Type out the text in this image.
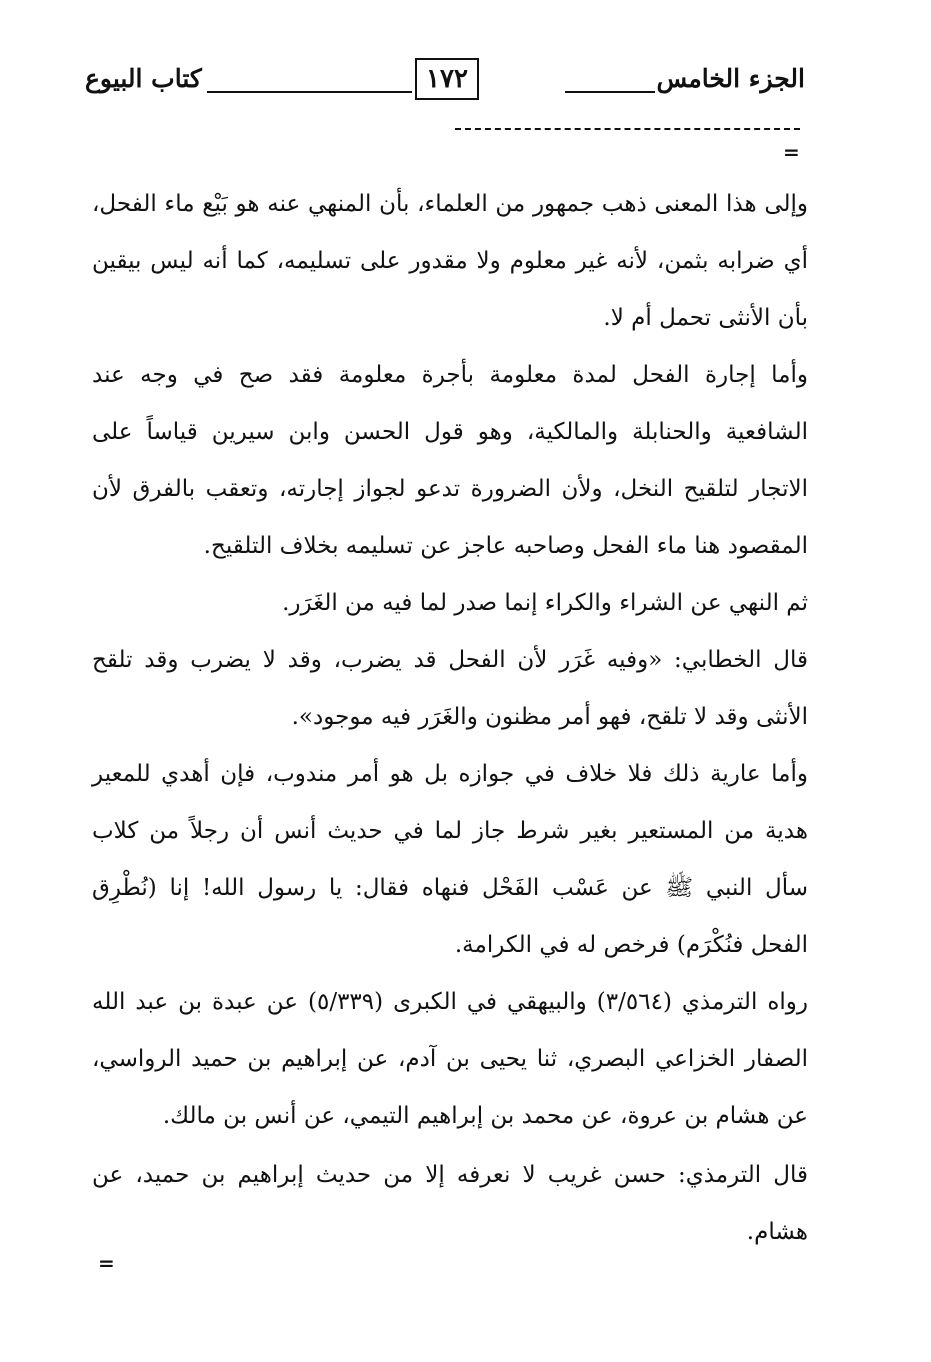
الجزء الخامس
١٧٢
كتاب البيوع
=

وإلى هذا المعنى ذهب جمهور من العلماء، بأن المنهي عنه هو بَيْع ماء الفحل، أي ضرابه بثمن، لأنه غير معلوم ولا مقدور على تسليمه، كما أنه ليس بيقين بأن الأنثى تحمل أم لا.

وأما إجارة الفحل لمدة معلومة بأجرة معلومة فقد صح في وجه عند الشافعية والحنابلة والمالكية، وهو قول الحسن وابن سيرين قياساً على الاتجار لتلقيح النخل، ولأن الضرورة تدعو لجواز إجارته، وتعقب بالفرق لأن المقصود هنا ماء الفحل وصاحبه عاجز عن تسليمه بخلاف التلقيح.

ثم النهي عن الشراء والكراء إنما صدر لما فيه من الغَرَر.

قال الخطابي: «وفيه غَرَر لأن الفحل قد يضرب، وقد لا يضرب وقد تلقح الأنثى وقد لا تلقح، فهو أمر مظنون والغَرَر فيه موجود».

وأما عارية ذلك فلا خلاف في جوازه بل هو أمر مندوب، فإن أهدي للمعير هدية من المستعير بغير شرط جاز لما في حديث أنس أن رجلاً من كلاب سأل النبي ﷺ عن عَسْب الفَحْل فنهاه فقال: يا رسول الله! إنا (نُطْرِق الفحل فنُكْرَم) فرخص له في الكرامة.

رواه الترمذي (٣/٥٦٤) والبيهقي في الكبرى (٥/٣٣٩) عن عبدة بن عبد الله الصفار الخزاعي البصري، ثنا يحيى بن آدم، عن إبراهيم بن حميد الرواسي، عن هشام بن عروة، عن محمد بن إبراهيم التيمي، عن أنس بن مالك.

قال الترمذي: حسن غريب لا نعرفه إلا من حديث إبراهيم بن حميد، عن هشام.

=
